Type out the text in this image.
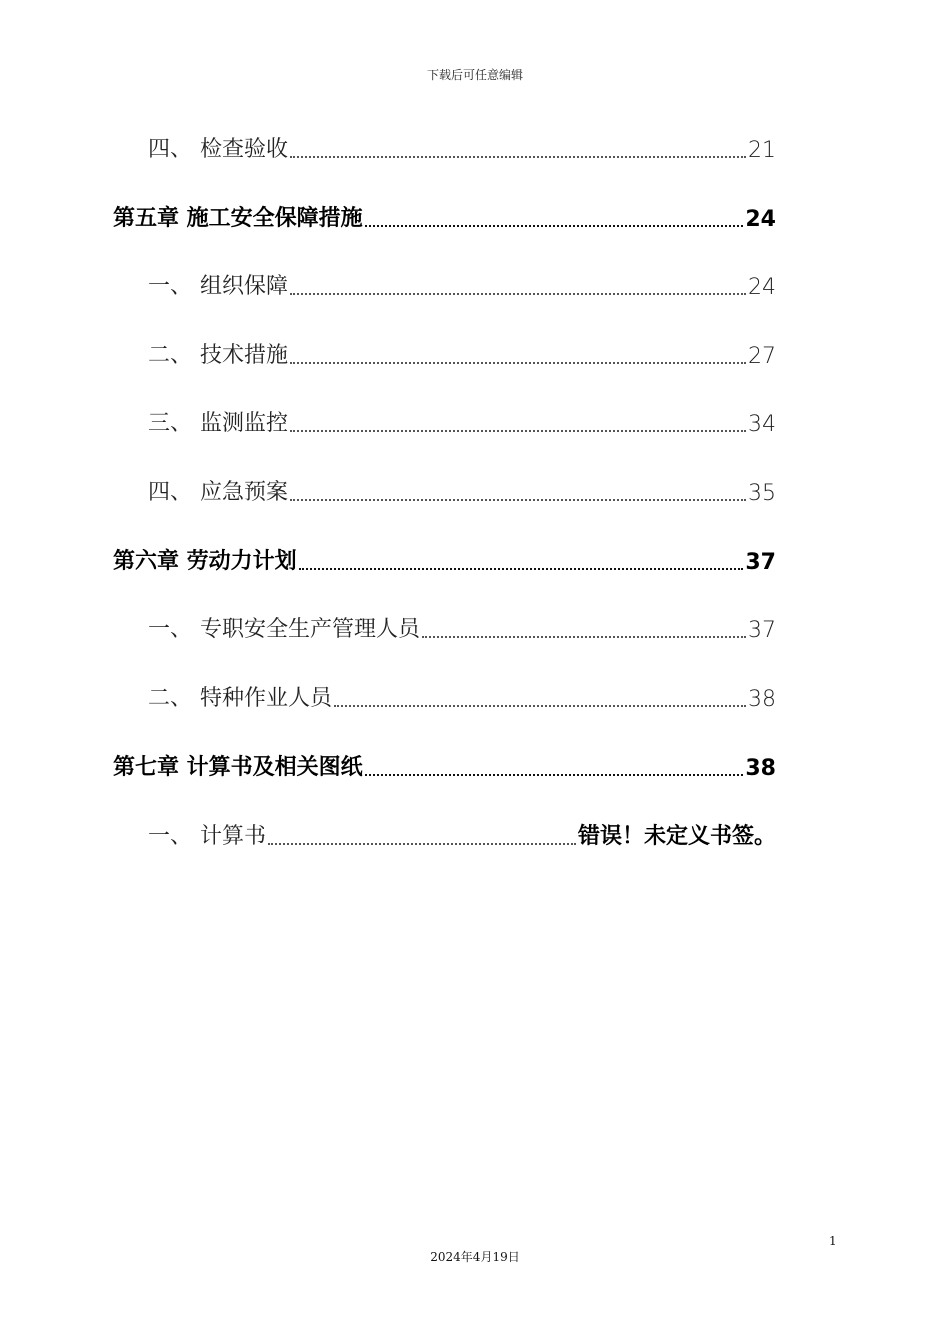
下载后可任意编辑
四、 检查验收	21
第五章 施工安全保障措施	24
一、 组织保障	24
二、 技术措施	27
三、 监测监控	34
四、 应急预案	35
第六章 劳动力计划	37
一、 专职安全生产管理人员	37
二、 特种作业人员	38
第七章 计算书及相关图纸	38
一、 计算书	错误！未定义书签。
1
2024年4月19日
